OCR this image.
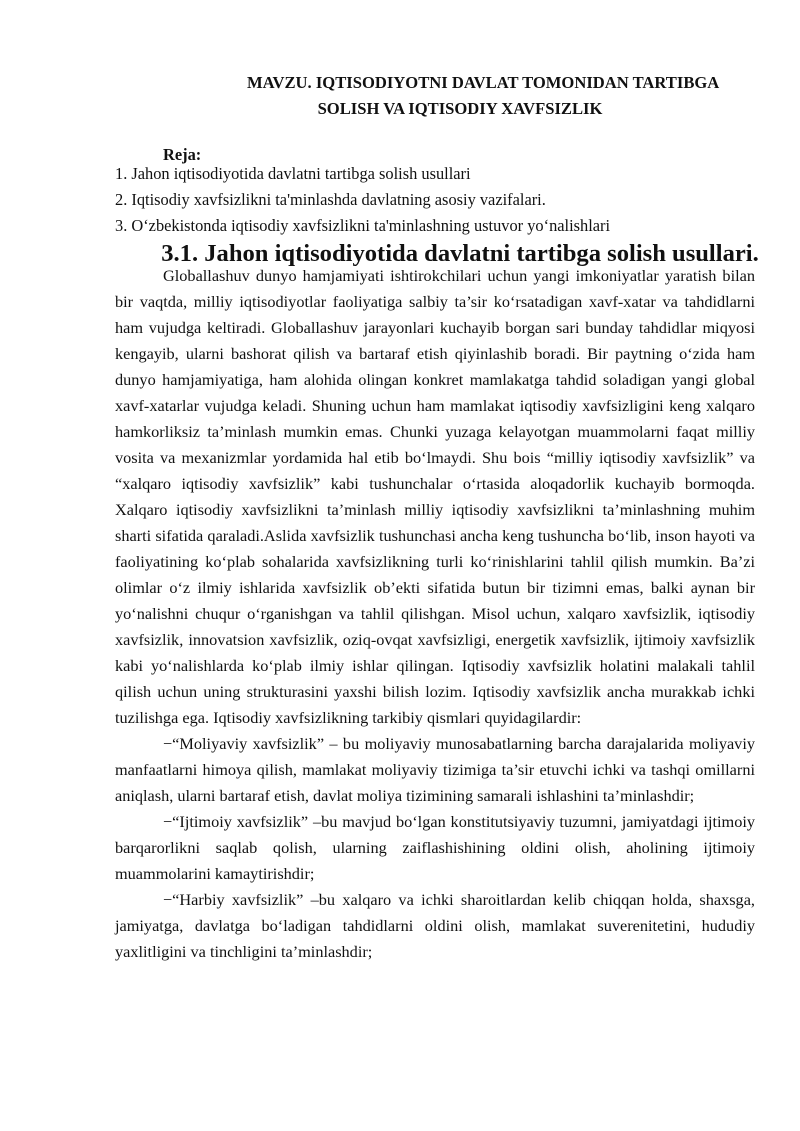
MAVZU. IQTISODIYOTNI DAVLAT TOMONIDAN TARTIBGA
SOLISH VA IQTISODIY XAVFSIZLIK

Reja:

1. Jahon iqtisodiyotida davlatni tartibga solish usullari
2. Iqtisodiy xavfsizlikni ta'minlashda davlatning asosiy vazifalari.
3. O‘zbekistonda iqtisodiy xavfsizlikni ta'minlashning ustuvor yo‘nalishlari
3.1. Jahon iqtisodiyotida davlatni tartibga solish usullari.

Globallashuv dunyo hamjamiyati ishtirokchilari uchun yangi imkoniyatlar yaratish bilan bir vaqtda, milliy iqtisodiyotlar faoliyatiga salbiy ta’sir ko‘rsatadigan xavf-xatar va tahdidlarni ham vujudga keltiradi. Globallashuv jarayonlari kuchayib borgan sari bunday tahdidlar miqyosi kengayib, ularni bashorat qilish va bartaraf etish qiyinlashib boradi. Bir paytning o‘zida ham dunyo hamjamiyatiga, ham alohida olingan konkret mamlakatga tahdid soladigan yangi global xavf-xatarlar vujudga keladi. Shuning uchun ham mamlakat iqtisodiy xavfsizligini keng xalqaro hamkorliksiz ta’minlash mumkin emas. Chunki yuzaga kelayotgan muammolarni faqat milliy vosita va mexanizmlar yordamida hal etib bo‘lmaydi. Shu bois “milliy iqtisodiy xavfsizlik” va “xalqaro iqtisodiy xavfsizlik” kabi tushunchalar o‘rtasida aloqadorlik kuchayib bormoqda. Xalqaro iqtisodiy xavfsizlikni ta’minlash milliy iqtisodiy xavfsizlikni ta’minlashning muhim sharti sifatida qaraladi.Aslida xavfsizlik tushunchasi ancha keng tushuncha bo‘lib, inson hayoti va faoliyatining ko‘plab sohalarida xavfsizlikning turli ko‘rinishlarini tahlil qilish mumkin. Ba’zi olimlar o‘z ilmiy ishlarida xavfsizlik ob’ekti sifatida butun bir tizimni emas, balki aynan bir yo‘nalishni chuqur o‘rganishgan va tahlil qilishgan. Misol uchun, xalqaro xavfsizlik, iqtisodiy xavfsizlik, innovatsion xavfsizlik, oziq-ovqat xavfsizligi, energetik xavfsizlik, ijtimoiy xavfsizlik kabi yo‘nalishlarda ko‘plab ilmiy ishlar qilingan. Iqtisodiy xavfsizlik holatini malakali tahlil qilish uchun uning strukturasini yaxshi bilish lozim. Iqtisodiy xavfsizlik ancha murakkab ichki tuzilishga ega. Iqtisodiy xavfsizlikning tarkibiy qismlari quyidagilardir:

−“Moliyaviy xavfsizlik” – bu moliyaviy munosabatlarning barcha darajalarida moliyaviy manfaatlarni himoya qilish, mamlakat moliyaviy tizimiga ta’sir etuvchi ichki va tashqi omillarni aniqlash, ularni bartaraf etish, davlat moliya tizimining samarali ishlashini ta’minlashdir;

−“Ijtimoiy xavfsizlik” –bu mavjud bo‘lgan konstitutsiyaviy tuzumni, jamiyatdagi ijtimoiy barqarorlikni saqlab qolish, ularning zaiflashishining oldini olish, aholining ijtimoiy muammolarini kamaytirishdir;

−“Harbiy xavfsizlik” –bu xalqaro va ichki sharoitlardan kelib chiqqan holda, shaxsga, jamiyatga, davlatga bo‘ladigan tahdidlarni oldini olish, mamlakat suverenitetini, hududiy yaxlitligini va tinchligini ta’minlashdir;
